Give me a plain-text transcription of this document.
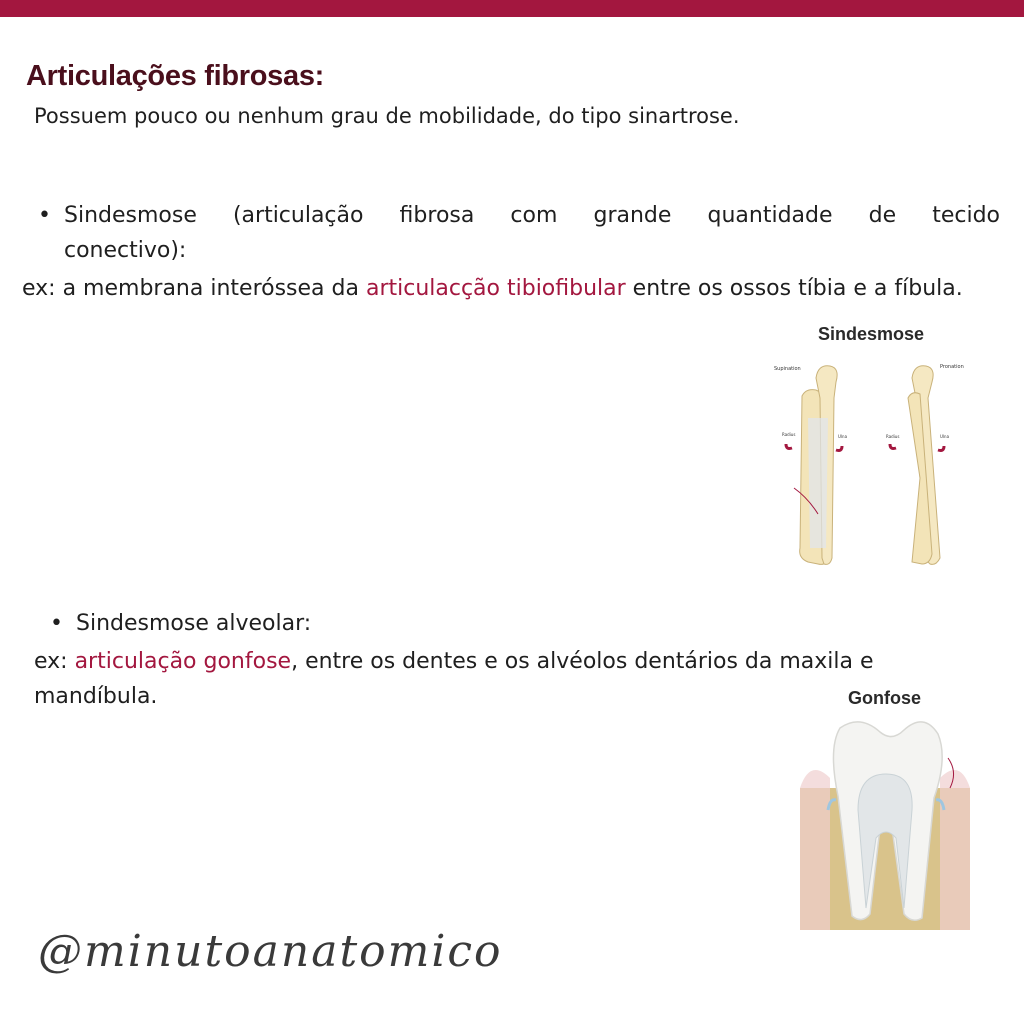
Articulações fibrosas:
Possuem pouco ou nenhum grau de mobilidade, do tipo sinartrose.
• Sindesmose (articulação fibrosa com grande quantidade de tecido conectivo):

ex: a membrana interóssea da articulacção tibiofibular entre os ossos tíbia e a fíbula.

Sindesmose
Supination
Radius	Ulna
Pronation
Radius	Ulna
• Sindesmose alveolar:

ex: articulação gonfose, entre os dentes e os alvéolos dentários da maxila e mandíbula.	Gonfose
@minutoanatomico
